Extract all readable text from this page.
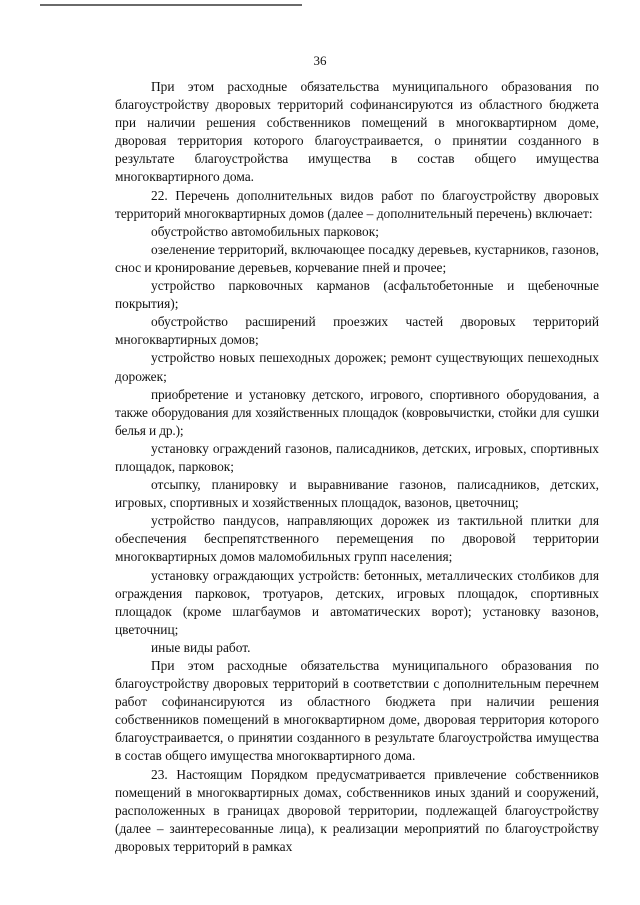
36

При этом расходные обязательства муниципального образования по благоустройству дворовых территорий софинансируются из областного бюджета при наличии решения собственников помещений в многоквартирном доме, дворовая территория которого благоустраивается, о принятии созданного в результате благоустройства имущества в состав общего имущества многоквартирного дома.

22. Перечень дополнительных видов работ по благоустройству дворовых территорий многоквартирных домов (далее – дополнительный перечень) включает:

обустройство автомобильных парковок;

озеленение территорий, включающее посадку деревьев, кустарников, газонов, снос и кронирование деревьев, корчевание пней и прочее;

устройство парковочных карманов (асфальтобетонные и щебеночные покрытия);

обустройство расширений проезжих частей дворовых территорий многоквартирных домов;

устройство новых пешеходных дорожек; ремонт существующих пешеходных дорожек;

приобретение и установку детского, игрового, спортивного оборудования, а также оборудования для хозяйственных площадок (ковровычистки, стойки для сушки белья и др.);

установку ограждений газонов, палисадников, детских, игровых, спортивных площадок, парковок;

отсыпку, планировку и выравнивание газонов, палисадников, детских, игровых, спортивных и хозяйственных площадок, вазонов, цветочниц;

устройство пандусов, направляющих дорожек из тактильной плитки для обеспечения беспрепятственного перемещения по дворовой территории многоквартирных домов маломобильных групп населения;

установку ограждающих устройств: бетонных, металлических столбиков для ограждения парковок, тротуаров, детских, игровых площадок, спортивных площадок (кроме шлагбаумов и автоматических ворот); установку вазонов, цветочниц;

иные виды работ.

При этом расходные обязательства муниципального образования по благоустройству дворовых территорий в соответствии с дополнительным перечнем работ софинансируются из областного бюджета при наличии решения собственников помещений в многоквартирном доме, дворовая территория которого благоустраивается, о принятии созданного в результате благоустройства имущества в состав общего имущества многоквартирного дома.

23. Настоящим Порядком предусматривается привлечение собственников помещений в многоквартирных домах, собственников иных зданий и сооружений, расположенных в границах дворовой территории, подлежащей благоустройству (далее – заинтересованные лица), к реализации мероприятий по благоустройству дворовых территорий в рамках
